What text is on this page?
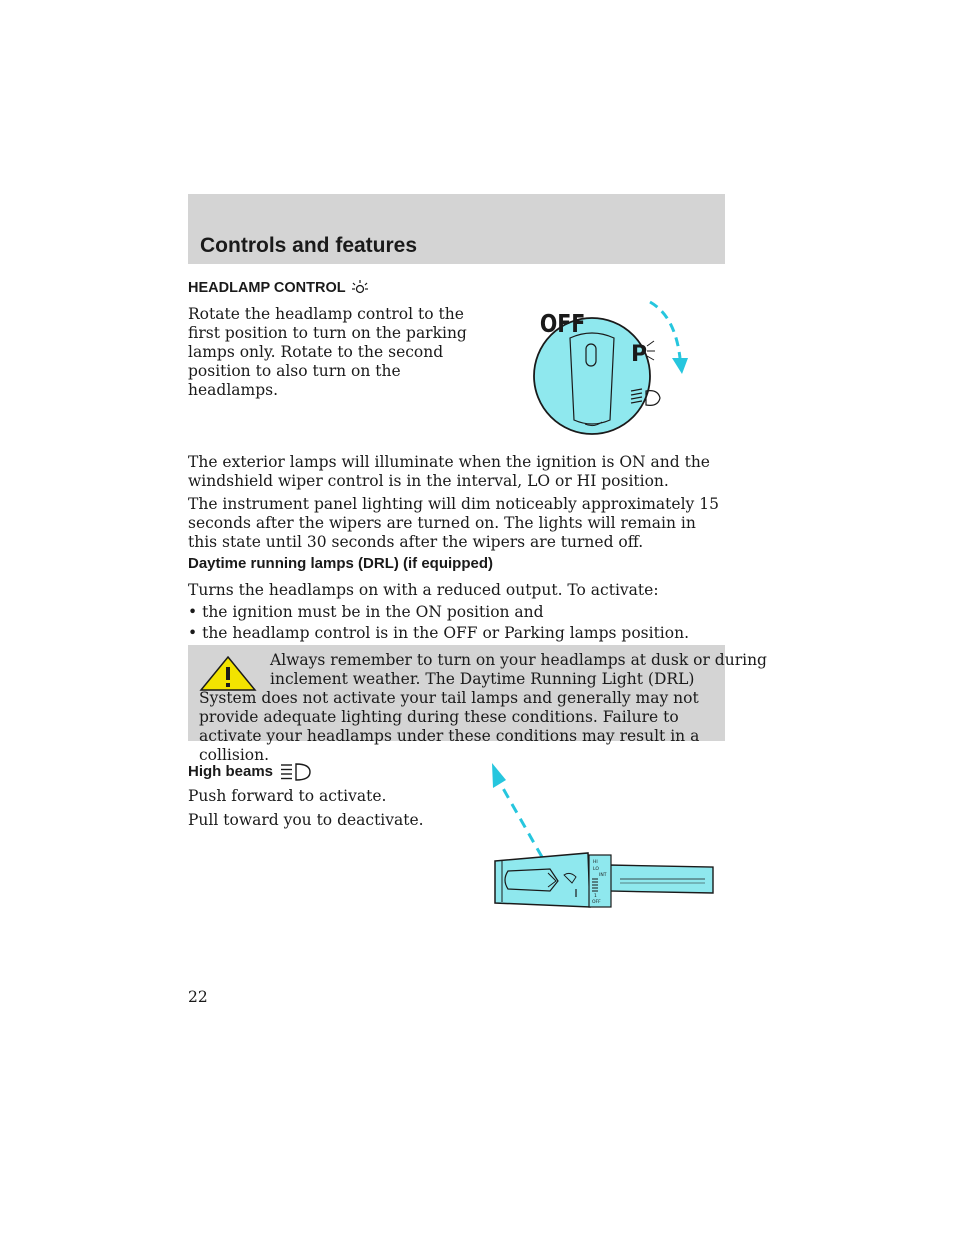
Controls and features
HEADLAMP CONTROL
Rotate the headlamp control to the first position to turn on the parking lamps only. Rotate to the second position to also turn on the headlamps.
OFF
P
The exterior lamps will illuminate when the ignition is ON and the windshield wiper control is in the interval, LO or HI position.
The instrument panel lighting will dim noticeably approximately 15 seconds after the wipers are turned on. The lights will remain in this state until 30 seconds after the wipers are turned off.
Daytime running lamps (DRL) (if equipped)
Turns the headlamps on with a reduced output. To activate:
• the ignition must be in the ON position and
• the headlamp control is in the OFF or Parking lamps position.
Always remember to turn on your headlamps at dusk or during
inclement weather. The Daytime Running Light (DRL) System does not activate your tail lamps and generally may not provide adequate lighting during these conditions. Failure to activate your headlamps under these conditions may result in a collision.
High beams
Push forward to activate.
Pull toward you to deactivate.
HI
LO
INT
1
OFF
22
